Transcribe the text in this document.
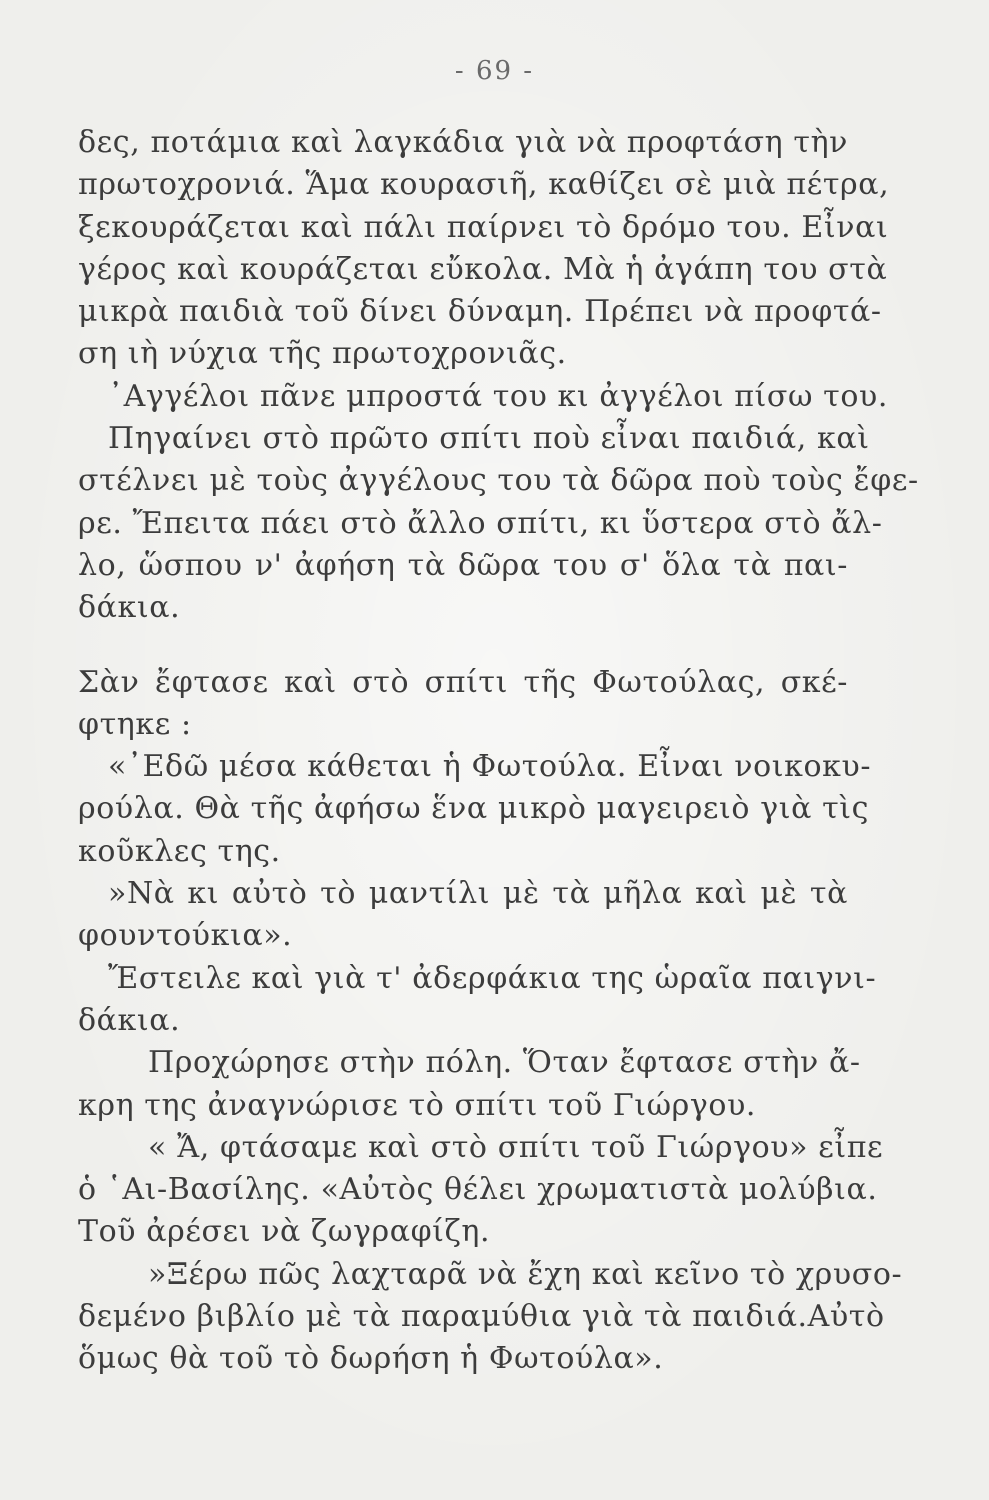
- 69 -
δες, ποτάμια καὶ λαγκάδια γιὰ νὰ προφτάση τὴν
πρωτοχρονιά. Ἅμα κουρασιῆ, καθίζει σὲ μιὰ πέτρα,
ξεκουράζεται καὶ πάλι παίρνει τὸ δρόμο του. Εἶναι
γέρος καὶ κουράζεται εὔκολα. Μὰ ἡ ἀγάπη του στὰ
μικρὰ παιδιὰ τοῦ δίνει δύναμη. Πρέπει νὰ προφτά-
ση ιὴ νύχια τῆς πρωτοχρονιᾶς.
᾽Αγγέλοι πᾶνε μπροστά του κι ἀγγέλοι πίσω του.
Πηγαίνει στὸ πρῶτο σπίτι ποὺ εἶναι παιδιά, καὶ
στέλνει μὲ τοὺς ἀγγέλους του τὰ δῶρα ποὺ τοὺς ἔφε-
ρε. Ἔπειτα πάει στὸ ἄλλο σπίτι, κι ὕστερα στὸ ἄλ-
λο, ὥσπου ν' ἀφήση τὰ δῶρα του σ' ὅλα τὰ παι-
δάκια.
Σὰν ἔφτασε καὶ στὸ σπίτι τῆς Φωτούλας, σκέ-
φτηκε :
«᾽Εδῶ μέσα κάθεται ἡ Φωτούλα. Εἶναι νοικοκυ-
ρούλα. Θὰ τῆς ἀφήσω ἕνα μικρὸ μαγειρειὸ γιὰ τὶς
κοῦκλες της.
»Νὰ κι αὐτὸ τὸ μαντίλι μὲ τὰ μῆλα καὶ μὲ τὰ
φουντούκια».
Ἔστειλε καὶ γιὰ τ' ἀδερφάκια της ὡραῖα παιγνι-
δάκια.
Προχώρησε στὴν πόλη. Ὅταν ἔφτασε στὴν ἄ-
κρη της ἀναγνώρισε τὸ σπίτι τοῦ Γιώργου.
« Ἄ, φτάσαμε καὶ στὸ σπίτι τοῦ Γιώργου» εἶπε
ὁ ῾Αι-Βασίλης. «Αὐτὸς θέλει χρωματιστὰ μολύβια.
Τοῦ ἀρέσει νὰ ζωγραφίζη.
»Ξέρω πῶς λαχταρᾶ νὰ ἔχη καὶ κεῖνο τὸ χρυσο-
δεμένο βιβλίο μὲ τὰ παραμύθια γιὰ τὰ παιδιά.Αὐτὸ
ὅμως θὰ τοῦ τὸ δωρήση ἡ Φωτούλα».
